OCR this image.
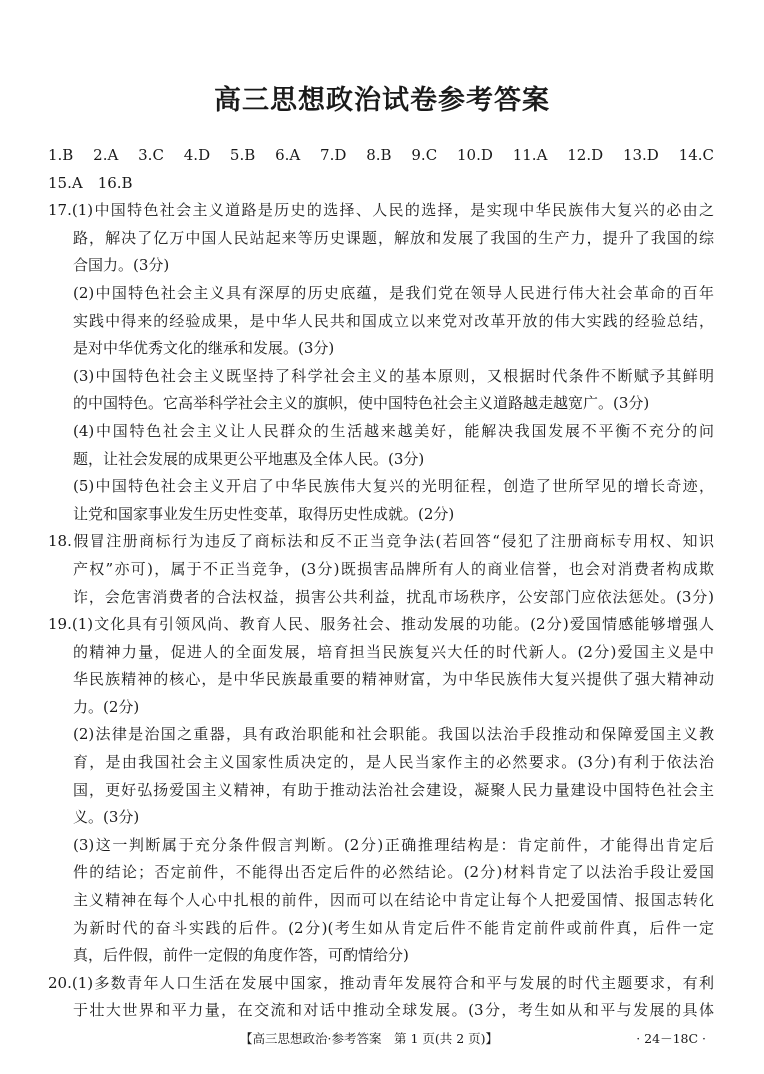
高三思想政治试卷参考答案
1.B　2.A　3.C　4.D　5.B　6.A　7.D　8.B　9.C　10.D　11.A　12.D　13.D　14.C
15.A　16.B
17.(1)中国特色社会主义道路是历史的选择、人民的选择，是实现中华民族伟大复兴的必由之
路，解决了亿万中国人民站起来等历史课题，解放和发展了我国的生产力，提升了我国的综
合国力。(3分)
(2)中国特色社会主义具有深厚的历史底蕴，是我们党在领导人民进行伟大社会革命的百年
实践中得来的经验成果，是中华人民共和国成立以来党对改革开放的伟大实践的经验总结，
是对中华优秀文化的继承和发展。(3分)
(3)中国特色社会主义既坚持了科学社会主义的基本原则，又根据时代条件不断赋予其鲜明
的中国特色。它高举科学社会主义的旗帜，使中国特色社会主义道路越走越宽广。(3分)
(4)中国特色社会主义让人民群众的生活越来越美好，能解决我国发展不平衡不充分的问
题，让社会发展的成果更公平地惠及全体人民。(3分)
(5)中国特色社会主义开启了中华民族伟大复兴的光明征程，创造了世所罕见的增长奇迹，
让党和国家事业发生历史性变革，取得历史性成就。(2分)
18.假冒注册商标行为违反了商标法和反不正当竞争法(若回答“侵犯了注册商标专用权、知识
产权”亦可)，属于不正当竞争，(3分)既损害品牌所有人的商业信誉，也会对消费者构成欺
诈，会危害消费者的合法权益，损害公共利益，扰乱市场秩序，公安部门应依法惩处。(3分)
19.(1)文化具有引领风尚、教育人民、服务社会、推动发展的功能。(2分)爱国情感能够增强人
的精神力量，促进人的全面发展，培育担当民族复兴大任的时代新人。(2分)爱国主义是中
华民族精神的核心，是中华民族最重要的精神财富，为中华民族伟大复兴提供了强大精神动
力。(2分)
(2)法律是治国之重器，具有政治职能和社会职能。我国以法治手段推动和保障爱国主义教
育，是由我国社会主义国家性质决定的，是人民当家作主的必然要求。(3分)有利于依法治
国，更好弘扬爱国主义精神，有助于推动法治社会建设，凝聚人民力量建设中国特色社会主
义。(3分)
(3)这一判断属于充分条件假言判断。(2分)正确推理结构是：肯定前件，才能得出肯定后
件的结论；否定前件，不能得出否定后件的必然结论。(2分)材料肯定了以法治手段让爱国
主义精神在每个人心中扎根的前件，因而可以在结论中肯定让每个人把爱国情、报国志转化
为新时代的奋斗实践的后件。(2分)(考生如从肯定后件不能肯定前件或前件真，后件一定
真，后件假，前件一定假的角度作答，可酌情给分)
20.(1)多数青年人口生活在发展中国家，推动青年发展符合和平与发展的时代主题要求，有利
于壮大世界和平力量，在交流和对话中推动全球发展。(3分，考生如从和平与发展的具体
【高三思想政治·参考答案　第 1 页(共 2 页)】	· 24－18C ·
